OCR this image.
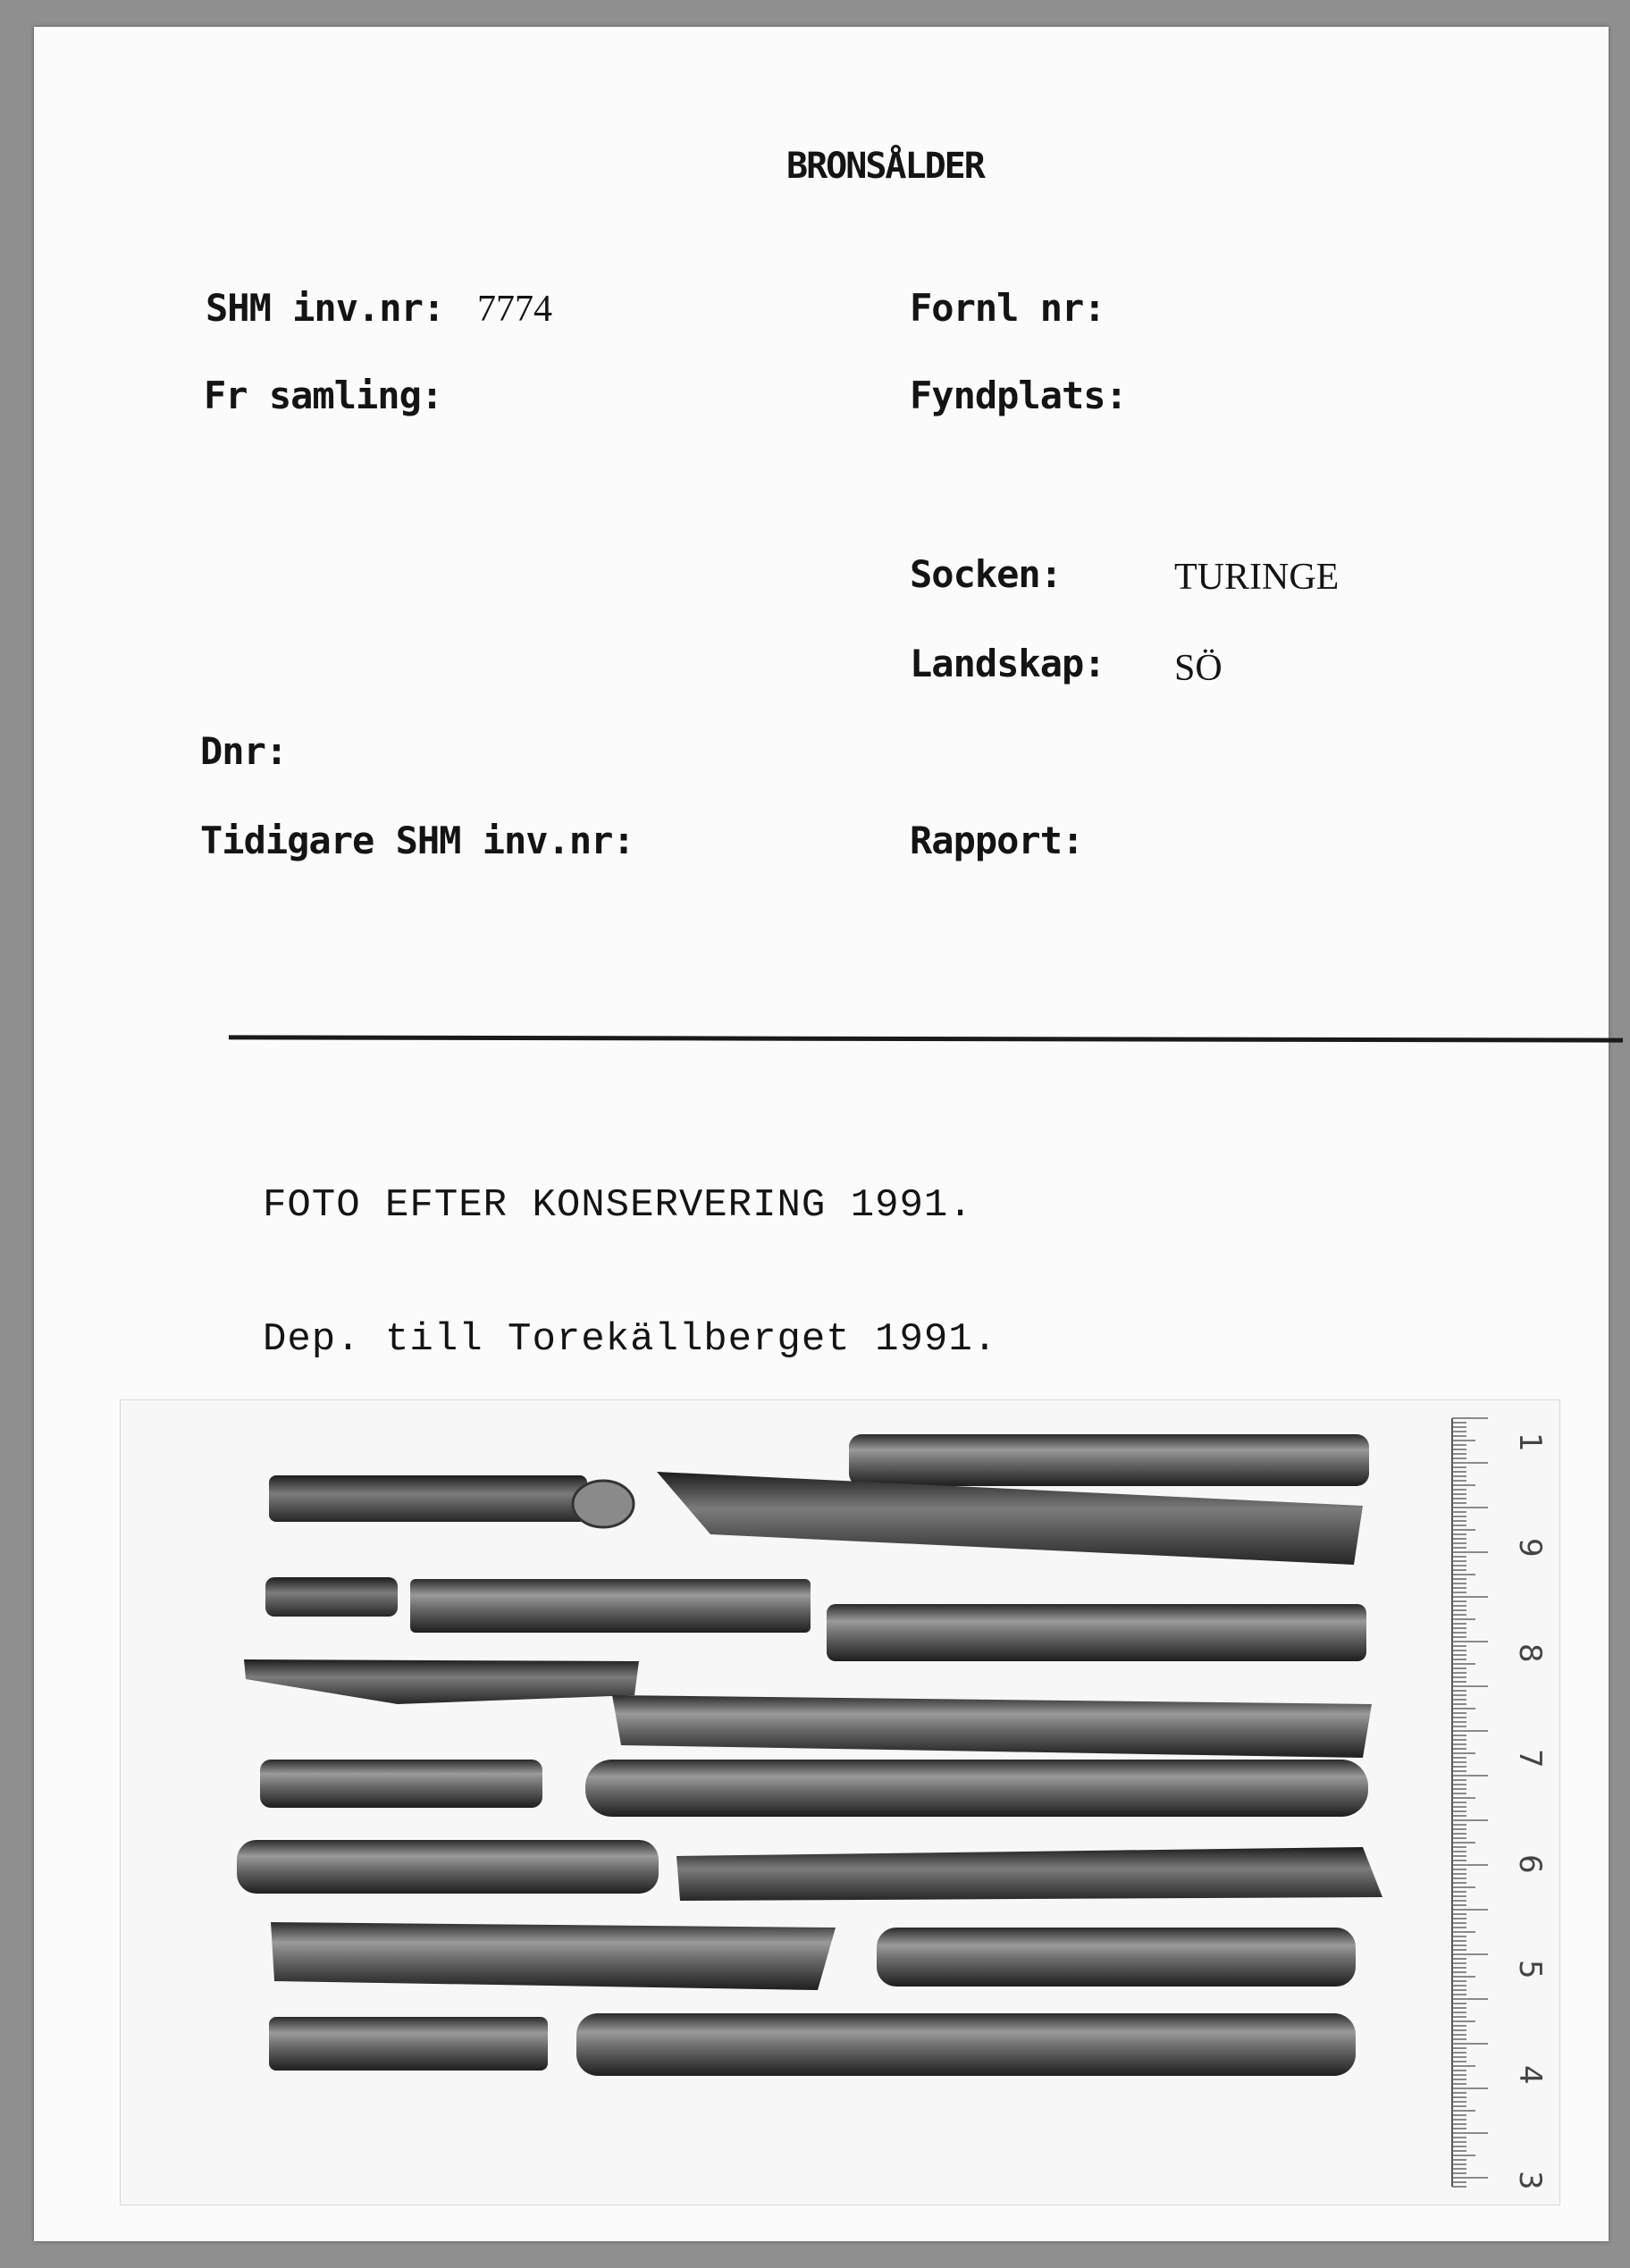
BRONSÅLDER
SHM inv.nr: 7774	Fornl nr:
Fr samling:	Fyndplats:
Socken:	TURINGE
Landskap: SÖ
Dnr:
Tidigare SHM inv.nr:	Rapport:
FOTO EFTER KONSERVERING 1991.
Dep. till Torekällberget 1991.
1
9
8
7
6
5
4
3
